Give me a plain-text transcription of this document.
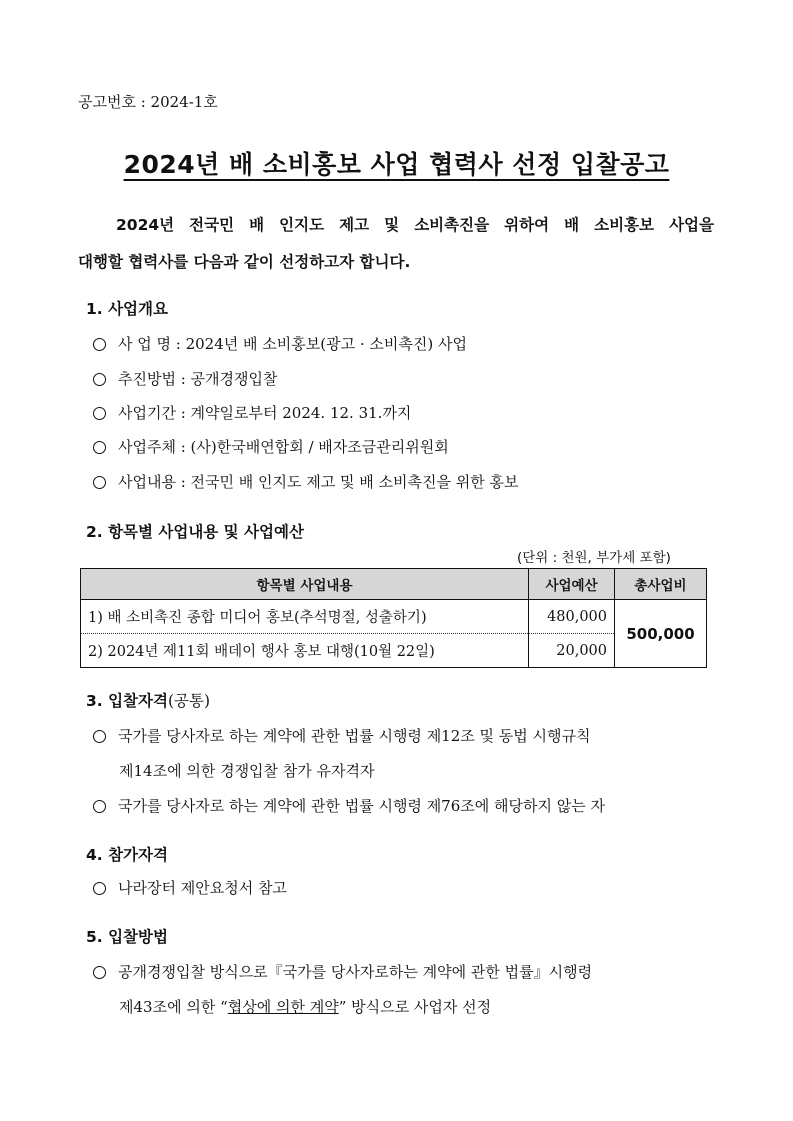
공고번호 : 2024-1호
2024년 배 소비홍보 사업 협력사 선정 입찰공고
2024년 전국민 배 인지도 제고 및 소비촉진을 위하여 배 소비홍보 사업을
대행할 협력사를 다음과 같이 선정하고자 합니다.
1. 사업개요
사 업 명 : 2024년 배 소비홍보(광고 · 소비촉진) 사업
추진방법 : 공개경쟁입찰
사업기간 : 계약일로부터 2024. 12. 31.까지
사업주체 : (사)한국배연합회 / 배자조금관리위원회
사업내용 : 전국민 배 인지도 제고 및 배 소비촉진을 위한 홍보
2. 항목별 사업내용 및 사업예산
(단위 : 천원, 부가세 포함)
항목별 사업내용	사업예산	총사업비
1) 배 소비촉진 종합 미디어 홍보(추석명절, 성출하기)	480,000	500,000
2) 2024년 제11회 배데이 행사 홍보 대행(10월 22일)	20,000	
3. 입찰자격(공통)
국가를 당사자로 하는 계약에 관한 법률 시행령 제12조 및 동법 시행규칙
제14조에 의한 경쟁입찰 참가 유자격자
국가를 당사자로 하는 계약에 관한 법률 시행령 제76조에 해당하지 않는 자
4. 참가자격
나라장터 제안요청서 참고
5. 입찰방법
공개경쟁입찰 방식으로『국가를 당사자로하는 계약에 관한 법률』시행령
제43조에 의한 “협상에 의한 계약” 방식으로 사업자 선정
